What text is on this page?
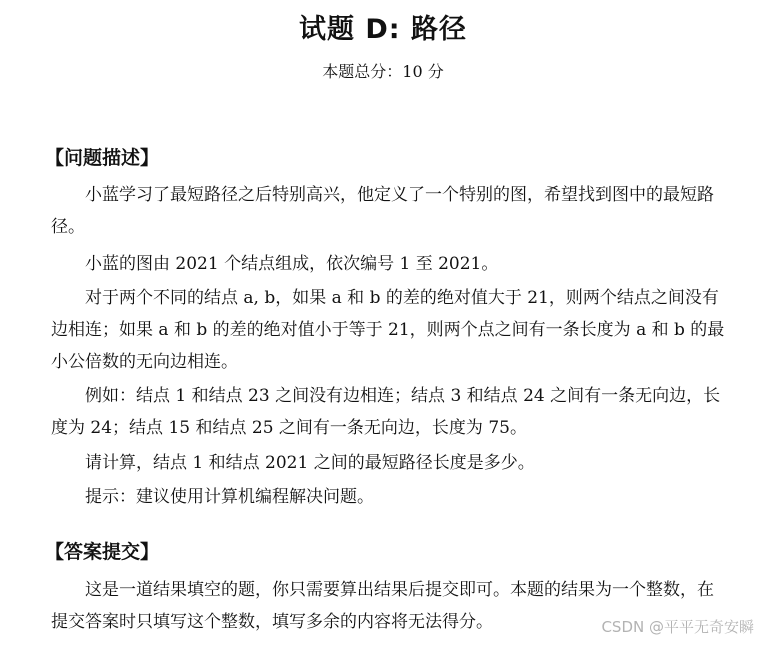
试题 D: 路径
本题总分：10 分
【问题描述】

小蓝学习了最短路径之后特别高兴，他定义了一个特别的图，希望找到图中的最短路径。

小蓝的图由 2021 个结点组成，依次编号 1 至 2021。

对于两个不同的结点 a, b，如果 a 和 b 的差的绝对值大于 21，则两个结点之间没有边相连；如果 a 和 b 的差的绝对值小于等于 21，则两个点之间有一条长度为 a 和 b 的最小公倍数的无向边相连。

例如：结点 1 和结点 23 之间没有边相连；结点 3 和结点 24 之间有一条无向边，长度为 24；结点 15 和结点 25 之间有一条无向边，长度为 75。

请计算，结点 1 和结点 2021 之间的最短路径长度是多少。

提示：建议使用计算机编程解决问题。

【答案提交】

这是一道结果填空的题，你只需要算出结果后提交即可。本题的结果为一个整数，在提交答案时只填写这个整数，填写多余的内容将无法得分。	CSDN @平平无奇安瞬
